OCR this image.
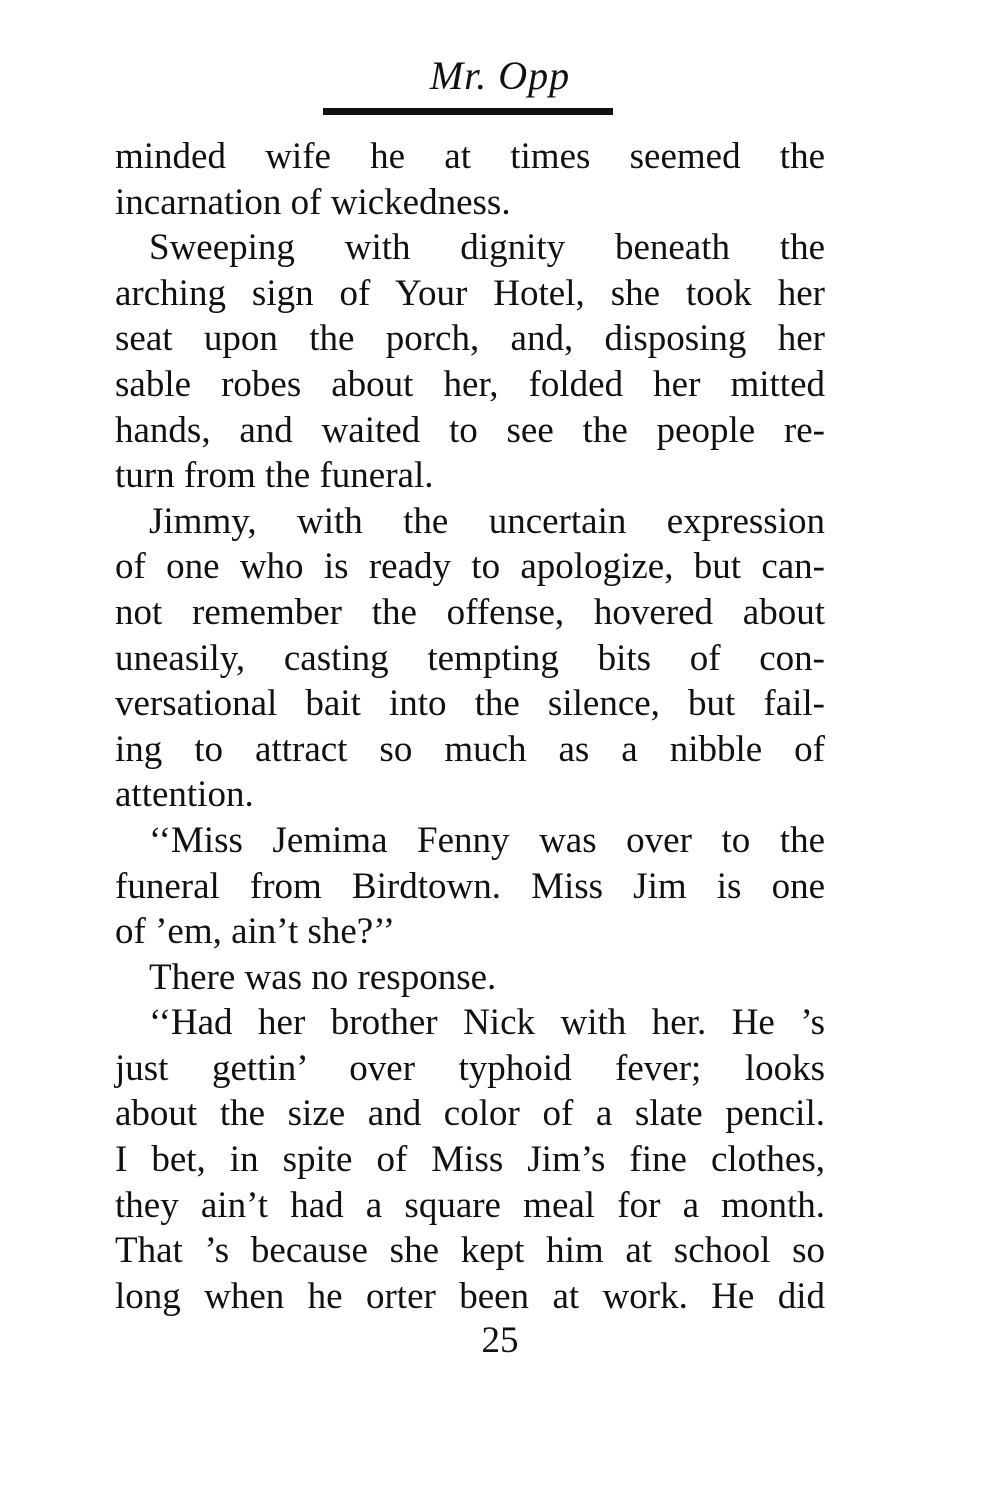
Mr. Opp

minded wife he at times seemed the
incarnation of wickedness.

Sweeping with dignity beneath the
arching sign of Your Hotel, she took her
seat upon the porch, and, disposing her
sable robes about her, folded her mitted
hands, and waited to see the people re-
turn from the funeral.

Jimmy, with the uncertain expression
of one who is ready to apologize, but can-
not remember the offense, hovered about
uneasily, casting tempting bits of con-
versational bait into the silence, but fail-
ing to attract so much as a nibble of
attention.

‘‘Miss Jemima Fenny was over to the
funeral from Birdtown. Miss Jim is one
of ’em, ain’t she?’’

There was no response.

‘‘Had her brother Nick with her. He ’s
just gettin’ over typhoid fever; looks
about the size and color of a slate pencil.
I bet, in spite of Miss Jim’s fine clothes,
they ain’t had a square meal for a month.
That ’s because she kept him at school so
long when he orter been at work. He did

25
